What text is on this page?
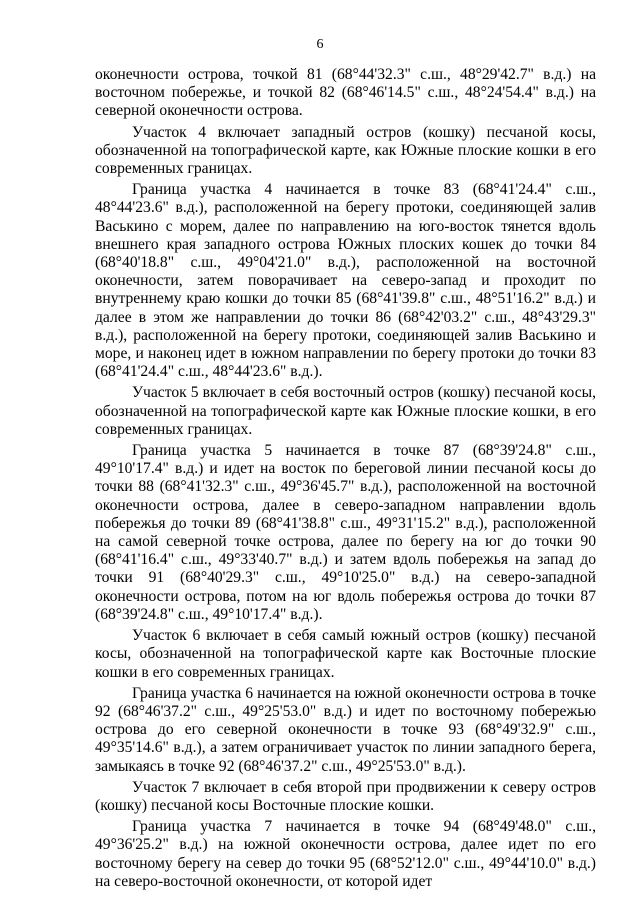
6

оконечности острова, точкой 81 (68°44'32.3" с.ш., 48°29'42.7" в.д.) на восточном побережье, и точкой 82 (68°46'14.5" с.ш., 48°24'54.4" в.д.) на северной оконечности острова.

Участок 4 включает западный остров (кошку) песчаной косы, обозначенной на топографической карте, как Южные плоские кошки в его современных границах.

Граница участка 4 начинается в точке 83 (68°41'24.4" с.ш., 48°44'23.6" в.д.), расположенной на берегу протоки, соединяющей залив Васькино с морем, далее по направлению на юго-восток тянется вдоль внешнего края западного острова Южных плоских кошек до точки 84 (68°40'18.8" с.ш., 49°04'21.0" в.д.), расположенной на восточной оконечности, затем поворачивает на северо-запад и проходит по внутреннему краю кошки до точки 85 (68°41'39.8" с.ш., 48°51'16.2" в.д.) и далее в этом же направлении до точки 86 (68°42'03.2" с.ш., 48°43'29.3" в.д.), расположенной на берегу протоки, соединяющей залив Васькино и море, и наконец идет в южном направлении по берегу протоки до точки 83 (68°41'24.4" с.ш., 48°44'23.6" в.д.).

Участок 5 включает в себя восточный остров (кошку) песчаной косы, обозначенной на топографической карте как Южные плоские кошки, в его современных границах.

Граница участка 5 начинается в точке 87 (68°39'24.8" с.ш., 49°10'17.4" в.д.) и идет на восток по береговой линии песчаной косы до точки 88 (68°41'32.3" с.ш., 49°36'45.7" в.д.), расположенной на восточной оконечности острова, далее в северо-западном направлении вдоль побережья до точки 89 (68°41'38.8" с.ш., 49°31'15.2" в.д.), расположенной на самой северной точке острова, далее по берегу на юг до точки 90 (68°41'16.4" с.ш., 49°33'40.7" в.д.) и затем вдоль побережья на запад до точки 91 (68°40'29.3" с.ш., 49°10'25.0" в.д.) на северо-западной оконечности острова, потом на юг вдоль побережья острова до точки 87 (68°39'24.8" с.ш., 49°10'17.4" в.д.).

Участок 6 включает в себя самый южный остров (кошку) песчаной косы, обозначенной на топографической карте как Восточные плоские кошки в его современных границах.

Граница участка 6 начинается на южной оконечности острова в точке 92 (68°46'37.2" с.ш., 49°25'53.0" в.д.) и идет по восточному побережью острова до его северной оконечности в точке 93 (68°49'32.9" с.ш., 49°35'14.6" в.д.), а затем ограничивает участок по линии западного берега, замыкаясь в точке 92 (68°46'37.2" с.ш., 49°25'53.0" в.д.).

Участок 7 включает в себя второй при продвижении к северу остров (кошку) песчаной косы Восточные плоские кошки.

Граница участка 7 начинается в точке 94 (68°49'48.0" с.ш., 49°36'25.2" в.д.) на южной оконечности острова, далее идет по его восточному берегу на север до точки 95 (68°52'12.0" с.ш., 49°44'10.0" в.д.) на северо-восточной оконечности, от которой идет
